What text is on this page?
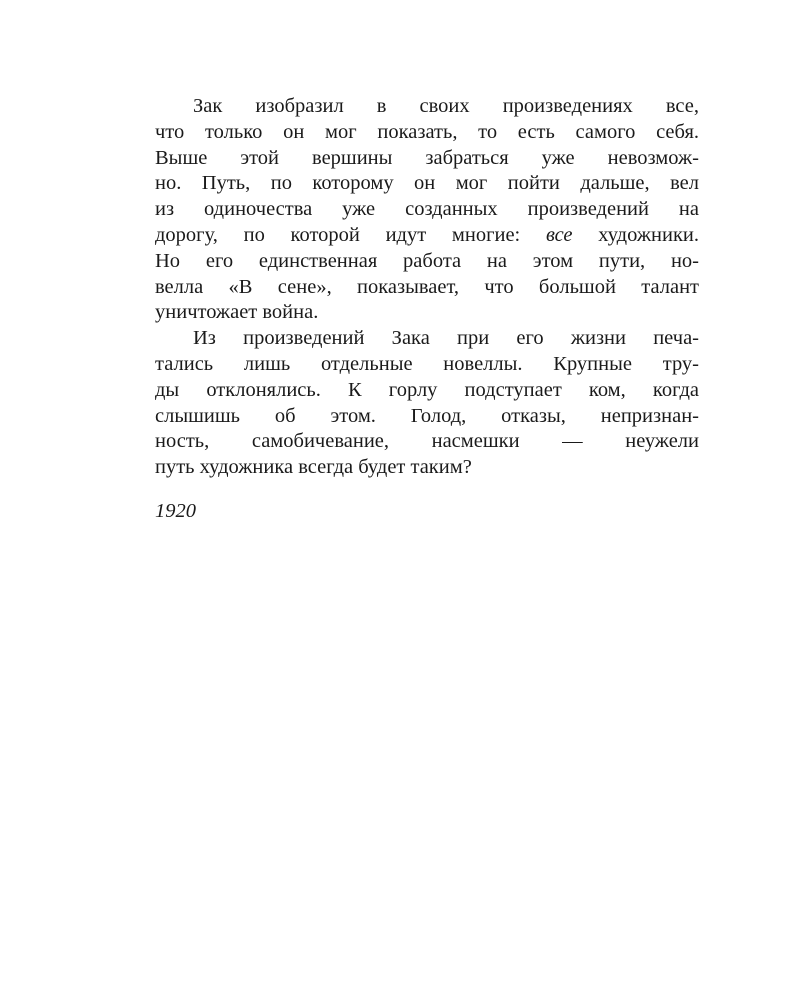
Зак изобразил в своих произведениях все,
что только он мог показать, то есть самого себя.
Выше этой вершины забраться уже невозмож-
но. Путь, по которому он мог пойти дальше, вел
из одиночества уже созданных произведений на
дорогу, по которой идут многие: все художники.
Но его единственная работа на этом пути, но-
велла «В сене», показывает, что большой талант
уничтожает война.
Из произведений Зака при его жизни печа-
тались лишь отдельные новеллы. Крупные тру-
ды отклонялись. К горлу подступает ком, когда
слышишь об этом. Голод, отказы, непризнан-
ность, самобичевание, насмешки — неужели
путь художника всегда будет таким?
1920
